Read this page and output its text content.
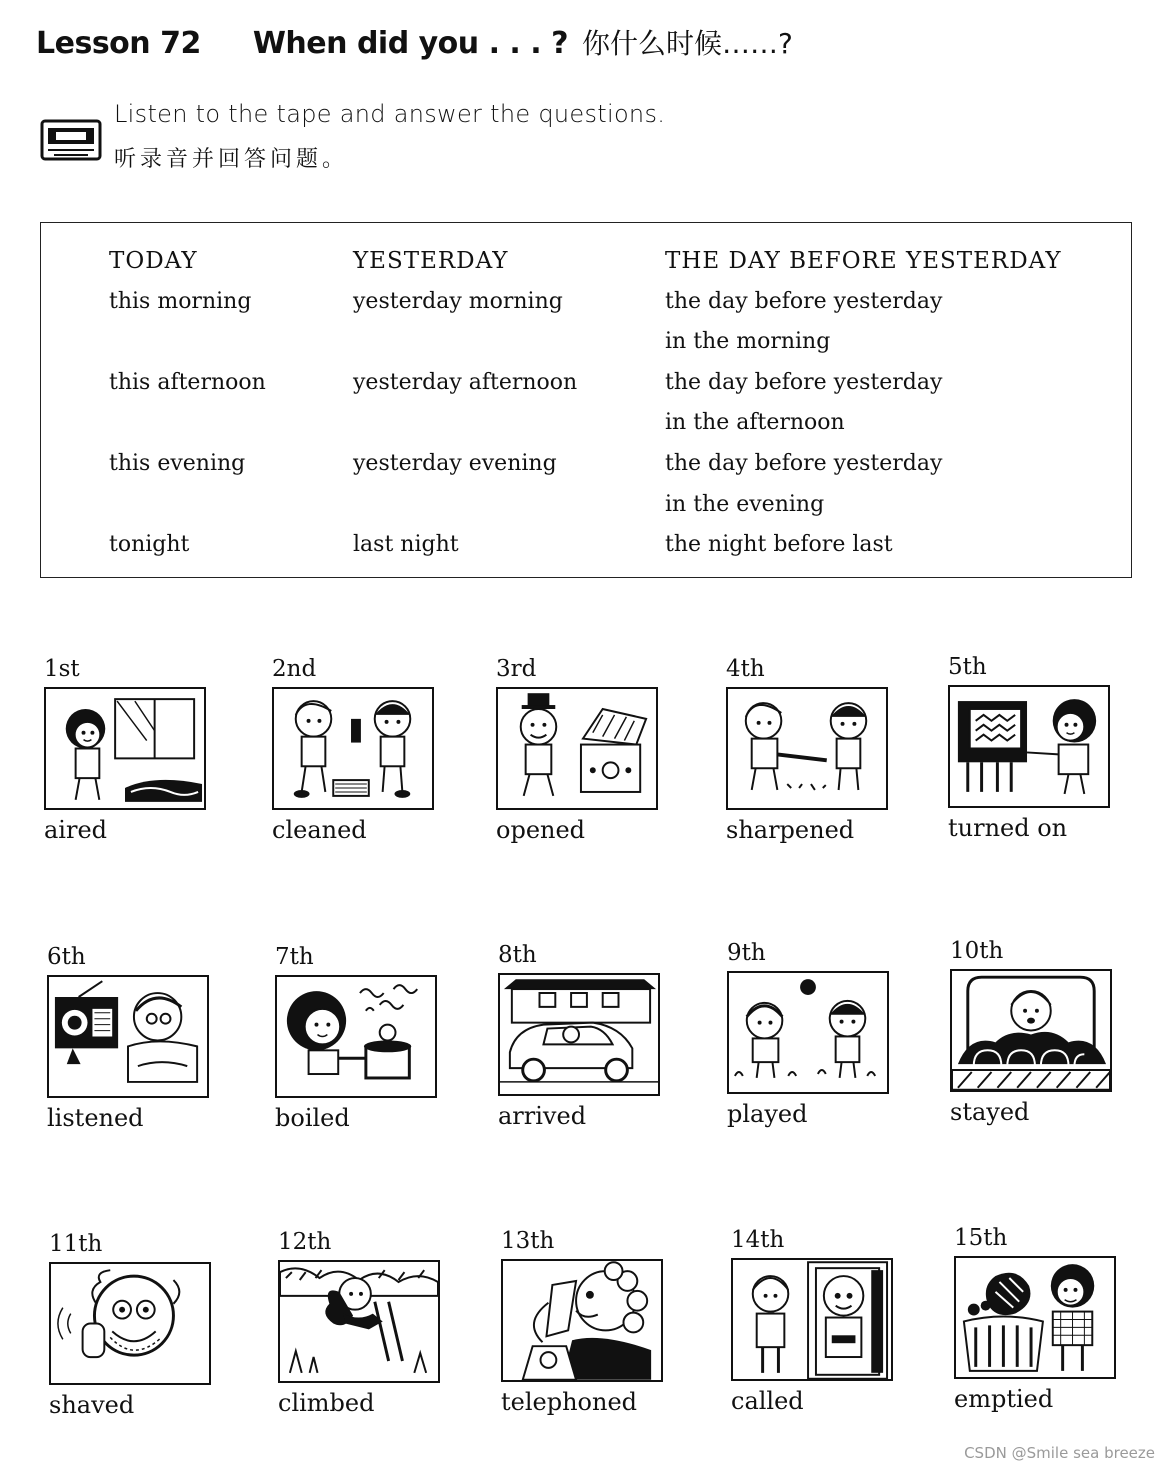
Lesson 72 When did you . . . ? 你什么时候……?
Listen to the tape and answer the questions.
听录音并回答问题。
TODAY
this morning

this afternoon

this evening

tonight
YESTERDAY
yesterday morning

yesterday afternoon

yesterday evening

last night
THE DAY BEFORE YESTERDAY
the day before yesterday
in the morning
the day before yesterday
in the afternoon
the day before yesterday
in the evening
the night before last
1st
aired
2nd
cleaned
3rd
opened
4th
sharpened
5th
turned on
6th
listened
7th
boiled
8th
arrived
9th
played
10th
stayed
11th
shaved
12th
climbed
13th
telephoned
14th
called
15th
emptied
CSDN @Smile sea breeze
